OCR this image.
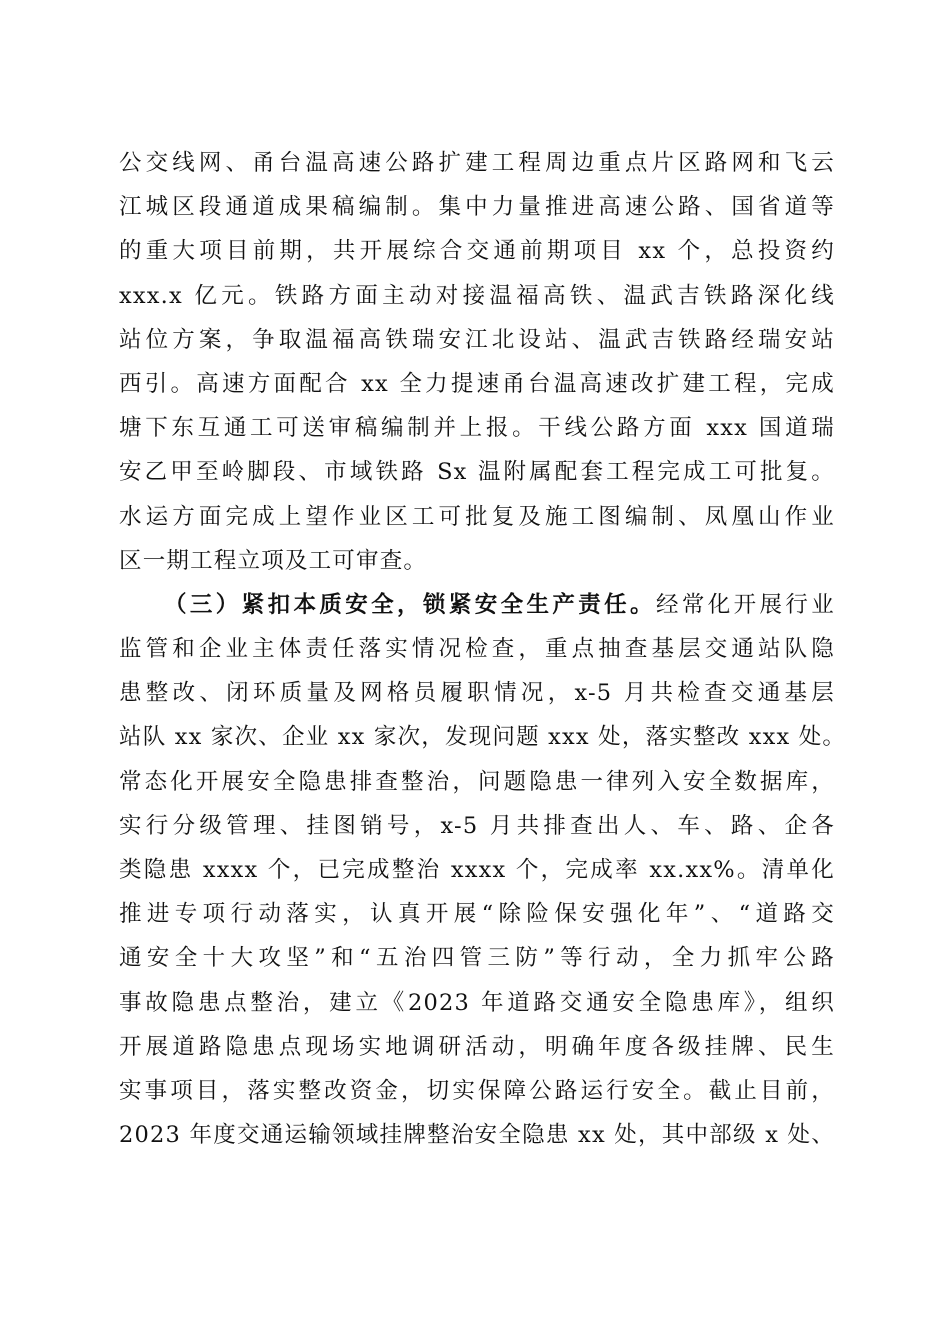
公交线网、甬台温高速公路扩建工程周边重点片区路网和飞云
江城区段通道成果稿编制。集中力量推进高速公路、国省道等
的重大项目前期，共开展综合交通前期项目 xx 个，总投资约
xxx.x 亿元。铁路方面主动对接温福高铁、温武吉铁路深化线
站位方案，争取温福高铁瑞安江北设站、温武吉铁路经瑞安站
西引。高速方面配合 xx 全力提速甬台温高速改扩建工程，完成
塘下东互通工可送审稿编制并上报。干线公路方面 xxx 国道瑞
安乙甲至岭脚段、市域铁路 Sx 温附属配套工程完成工可批复。
水运方面完成上望作业区工可批复及施工图编制、凤凰山作业
区一期工程立项及工可审查。
（三）紧扣本质安全，锁紧安全生产责任。经常化开展行业
监管和企业主体责任落实情况检查，重点抽查基层交通站队隐
患整改、闭环质量及网格员履职情况，x-5 月共检查交通基层
站队 xx 家次、企业 xx 家次，发现问题 xxx 处，落实整改 xxx 处。
常态化开展安全隐患排查整治，问题隐患一律列入安全数据库，
实行分级管理、挂图销号，x-5 月共排查出人、车、路、企各
类隐患 xxxx 个，已完成整治 xxxx 个，完成率 xx.xx%。清单化
推进专项行动落实，认真开展“除险保安强化年”、“道路交
通安全十大攻坚”和“五治四管三防”等行动，全力抓牢公路
事故隐患点整治，建立《2023 年道路交通安全隐患库》，组织
开展道路隐患点现场实地调研活动，明确年度各级挂牌、民生
实事项目，落实整改资金，切实保障公路运行安全。截止目前，
2023 年度交通运输领域挂牌整治安全隐患 xx 处，其中部级 x 处、
